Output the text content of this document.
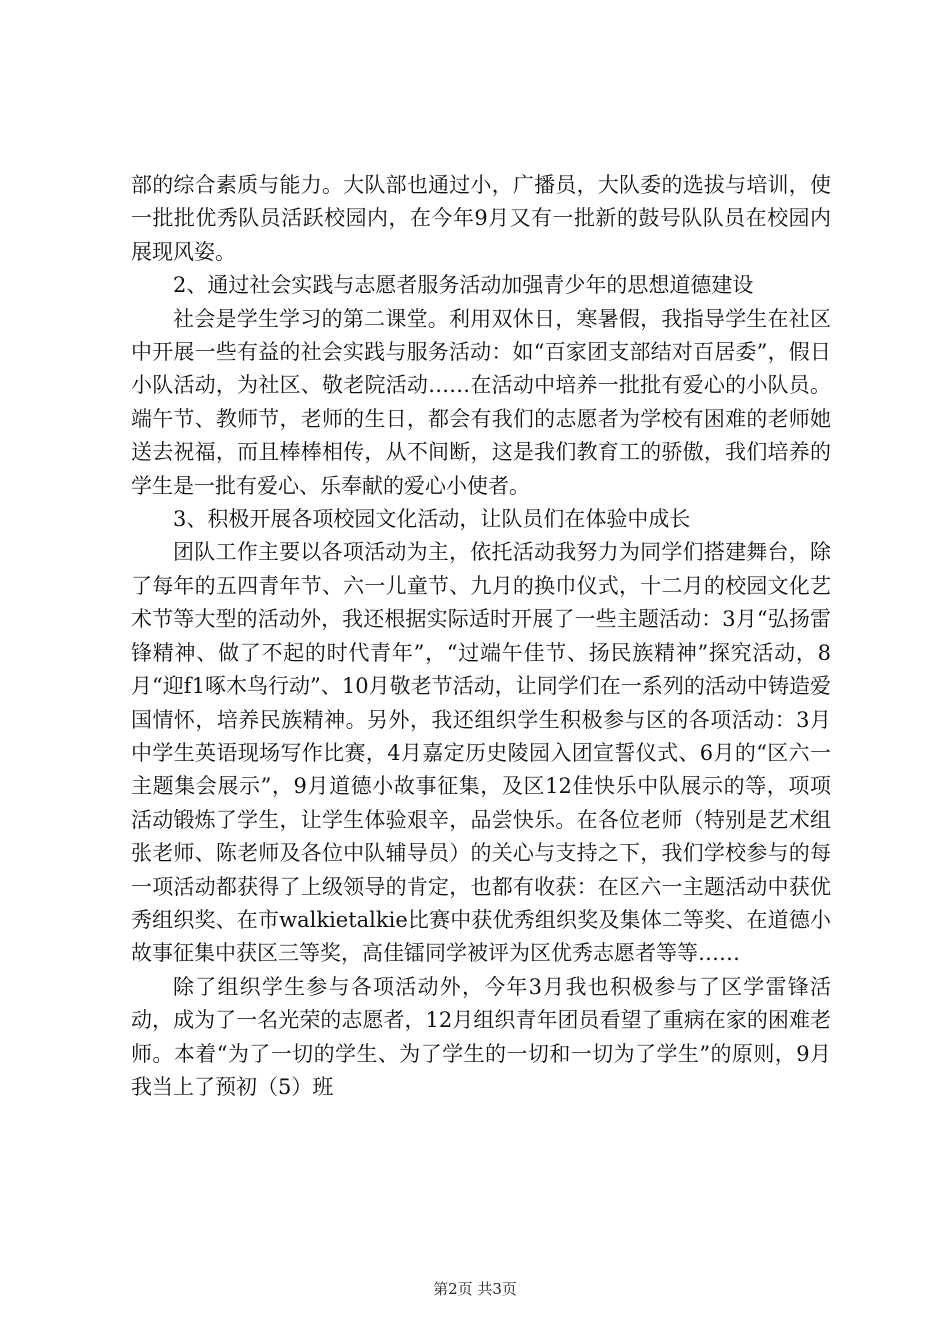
部的综合素质与能力。大队部也通过小，广播员，大队委的选拔与培训，使一批批优秀队员活跃校园内，在今年9月又有一批新的鼓号队队员在校园内展现风姿。

2、通过社会实践与志愿者服务活动加强青少年的思想道德建设

社会是学生学习的第二课堂。利用双休日，寒暑假，我指导学生在社区中开展一些有益的社会实践与服务活动：如“百家团支部结对百居委”，假日小队活动，为社区、敬老院活动……在活动中培养一批批有爱心的小队员。端午节、教师节，老师的生日，都会有我们的志愿者为学校有困难的老师她送去祝福，而且棒棒相传，从不间断，这是我们教育工的骄傲，我们培养的学生是一批有爱心、乐奉献的爱心小使者。

3、积极开展各项校园文化活动，让队员们在体验中成长

团队工作主要以各项活动为主，依托活动我努力为同学们搭建舞台，除了每年的五四青年节、六一儿童节、九月的换巾仪式，十二月的校园文化艺术节等大型的活动外，我还根据实际适时开展了一些主题活动：3月“弘扬雷锋精神、做了不起的时代青年”，“过端午佳节、扬民族精神”探究活动，8月“迎f1啄木鸟行动”、10月敬老节活动，让同学们在一系列的活动中铸造爱国情怀，培养民族精神。另外，我还组织学生积极参与区的各项活动：3月中学生英语现场写作比赛，4月嘉定历史陵园入团宣誓仪式、6月的“区六一主题集会展示”，9月道德小故事征集，及区12佳快乐中队展示的等，项项活动锻炼了学生，让学生体验艰辛，品尝快乐。在各位老师（特别是艺术组张老师、陈老师及各位中队辅导员）的关心与支持之下，我们学校参与的每一项活动都获得了上级领导的肯定，也都有收获：在区六一主题活动中获优秀组织奖、在市walkietalkie比赛中获优秀组织奖及集体二等奖、在道德小故事征集中获区三等奖，高佳镭同学被评为区优秀志愿者等等……

除了组织学生参与各项活动外，今年3月我也积极参与了区学雷锋活动，成为了一名光荣的志愿者，12月组织青年团员看望了重病在家的困难老师。本着“为了一切的学生、为了学生的一切和一切为了学生”的原则，9月我当上了预初（5）班

第2页 共3页
